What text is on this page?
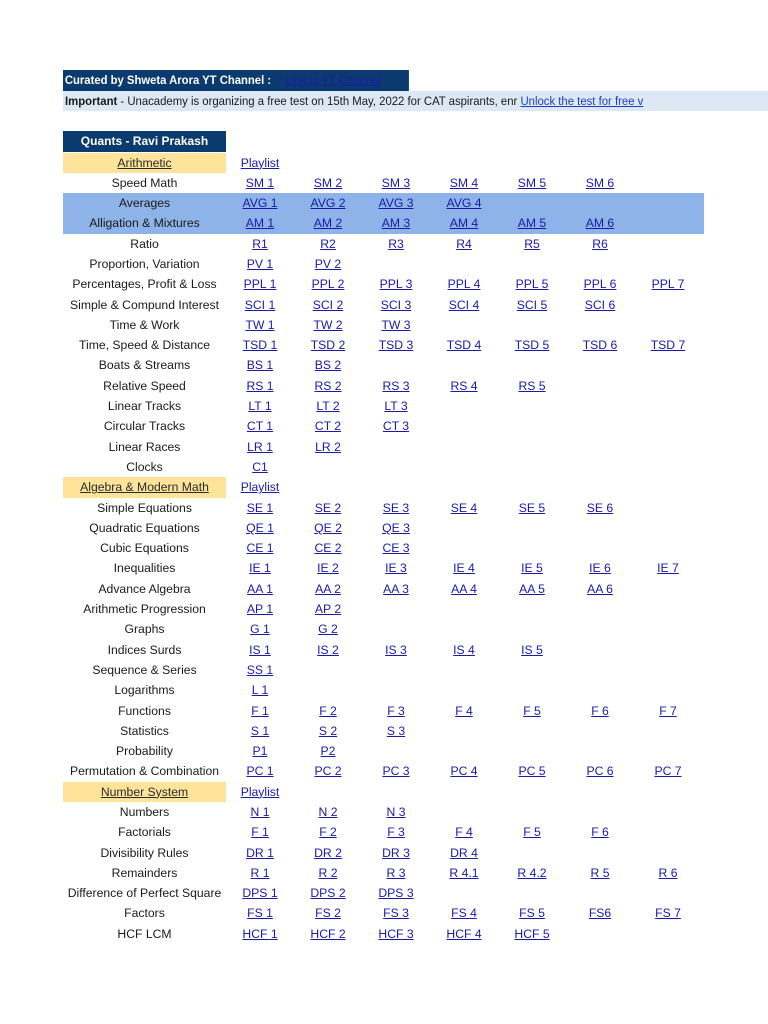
Curated by Shweta Arora YT Channel : Link to YT Channel
Important - Unacademy is organizing a free test on 15th May, 2022 for CAT aspirants, enr Unlock the test for free v
Quants - Ravi Prakash
Arithmetic	Playlist
Speed Math	SM 1	SM 2	SM 3	SM 4	SM 5	SM 6
Averages	AVG 1	AVG 2	AVG 3	AVG 4
Alligation & Mixtures	AM 1	AM 2	AM 3	AM 4	AM 5	AM 6
Ratio	R1	R2	R3	R4	R5	R6
Proportion, Variation	PV 1	PV 2
Percentages, Profit & Loss	PPL 1	PPL 2	PPL 3	PPL 4	PPL 5	PPL 6	PPL 7
Simple & Compund Interest	SCI 1	SCI 2	SCI 3	SCI 4	SCI 5	SCI 6
Time & Work	TW 1	TW 2	TW 3
Time, Speed & Distance	TSD 1	TSD 2	TSD 3	TSD 4	TSD 5	TSD 6	TSD 7
Boats & Streams	BS 1	BS 2
Relative Speed	RS 1	RS 2	RS 3	RS 4	RS 5
Linear Tracks	LT 1	LT 2	LT 3
Circular Tracks	CT 1	CT 2	CT 3
Linear Races	LR 1	LR 2
Clocks	C1
Algebra & Modern Math	Playlist
Simple Equations	SE 1	SE 2	SE 3	SE 4	SE 5	SE 6
Quadratic Equations	QE 1	QE 2	QE 3
Cubic Equations	CE 1	CE 2	CE 3
Inequalities	IE 1	IE 2	IE 3	IE 4	IE 5	IE 6	IE 7
Advance Algebra	AA 1	AA 2	AA 3	AA 4	AA 5	AA 6
Arithmetic Progression	AP 1	AP 2
Graphs	G 1	G 2
Indices Surds	IS 1	IS 2	IS 3	IS 4	IS 5
Sequence & Series	SS 1
Logarithms	L 1
Functions	F 1	F 2	F 3	F 4	F 5	F 6	F 7
Statistics	S 1	S 2	S 3
Probability	P1	P2
Permutation & Combination	PC 1	PC 2	PC 3	PC 4	PC 5	PC 6	PC 7
Number System	Playlist
Numbers	N 1	N 2	N 3
Factorials	F 1	F 2	F 3	F 4	F 5	F 6
Divisibility Rules	DR 1	DR 2	DR 3	DR 4
Remainders	R 1	R 2	R 3	R 4.1	R 4.2	R 5	R 6
Difference of Perfect Square	DPS 1	DPS 2	DPS 3
Factors	FS 1	FS 2	FS 3	FS 4	FS 5	FS6	FS 7
HCF LCM	HCF 1	HCF 2	HCF 3	HCF 4	HCF 5
